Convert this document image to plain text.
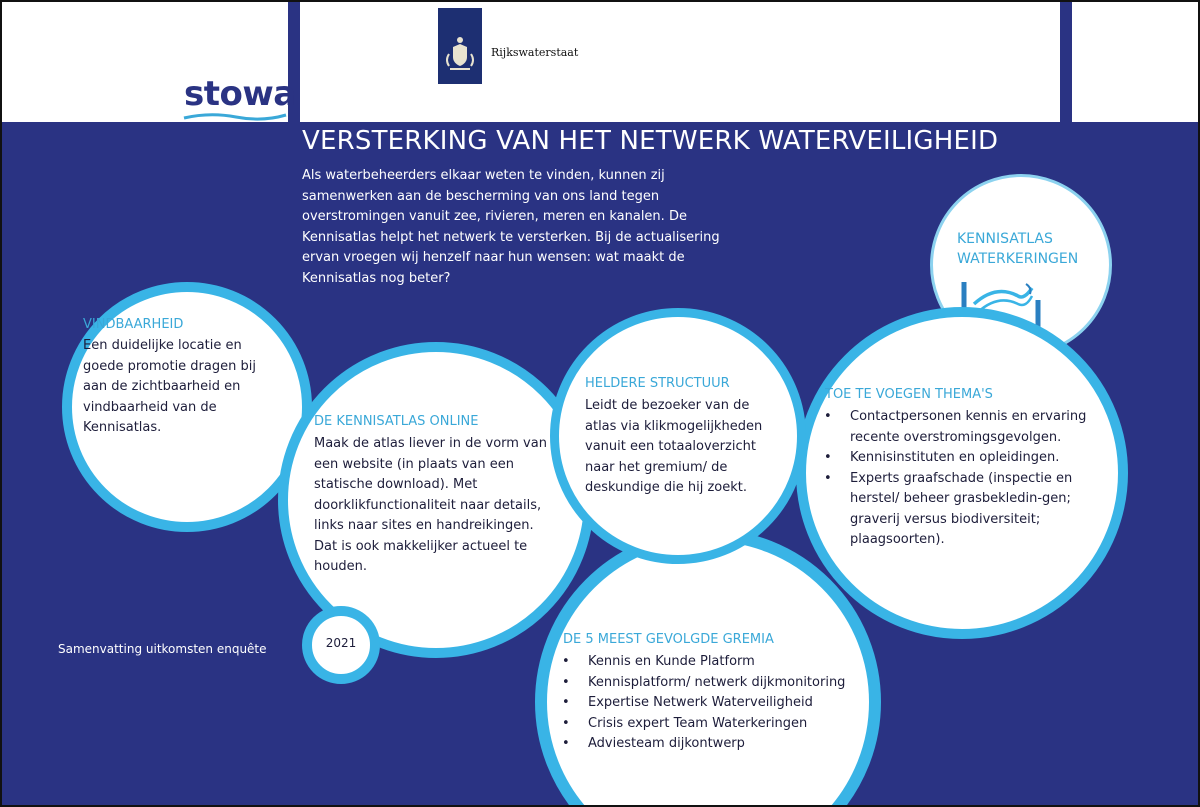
stowa
Rijkswaterstaat
VERSTERKING VAN HET NETWERK WATERVEILIGHEID

Als waterbeheerders elkaar weten te vinden, kunnen zij samenwerken aan de bescherming van ons land tegen overstromingen vanuit zee, rivieren, meren en kanalen. De Kennisatlas helpt het netwerk te versterken. Bij de actualisering ervan vroegen wij henzelf naar hun wensen: wat maakt de Kennisatlas nog beter?

KENNISATLAS
WATERKERINGEN

VINDBAARHEID

Een duidelijke locatie en goede promotie dragen bij aan de zichtbaarheid en vindbaarheid van de Kennisatlas.

TOE TE VOEGEN THEMA'S
• Contactpersonen kennis en ervaring recente overstromingsgevolgen.
• Kennisinstituten en opleidingen.
• Experts graafschade (inspectie en herstel/ beheer grasbekledin-gen; graverij versus biodiversiteit; plaagsoorten).
DE 5 MEEST GEVOLGDE GREMIA
• Kennis en Kunde Platform
• Kennisplatform/ netwerk dijkmonitoring
• Expertise Netwerk Waterveiligheid
• Crisis expert Team Waterkeringen
• Adviesteam dijkontwerp
DE KENNISATLAS ONLINE

Maak de atlas liever in de vorm van een website (in plaats van een statische download). Met doorklikfunctionaliteit naar details, links naar sites en handreikingen. Dat is ook makkelijker actueel te houden.

HELDERE STRUCTUUR

Leidt de bezoeker van de atlas via klikmogelijkheden vanuit een totaaloverzicht naar het gremium/ de deskundige die hij zoekt.

Samenvatting uitkomsten enquête	2021
